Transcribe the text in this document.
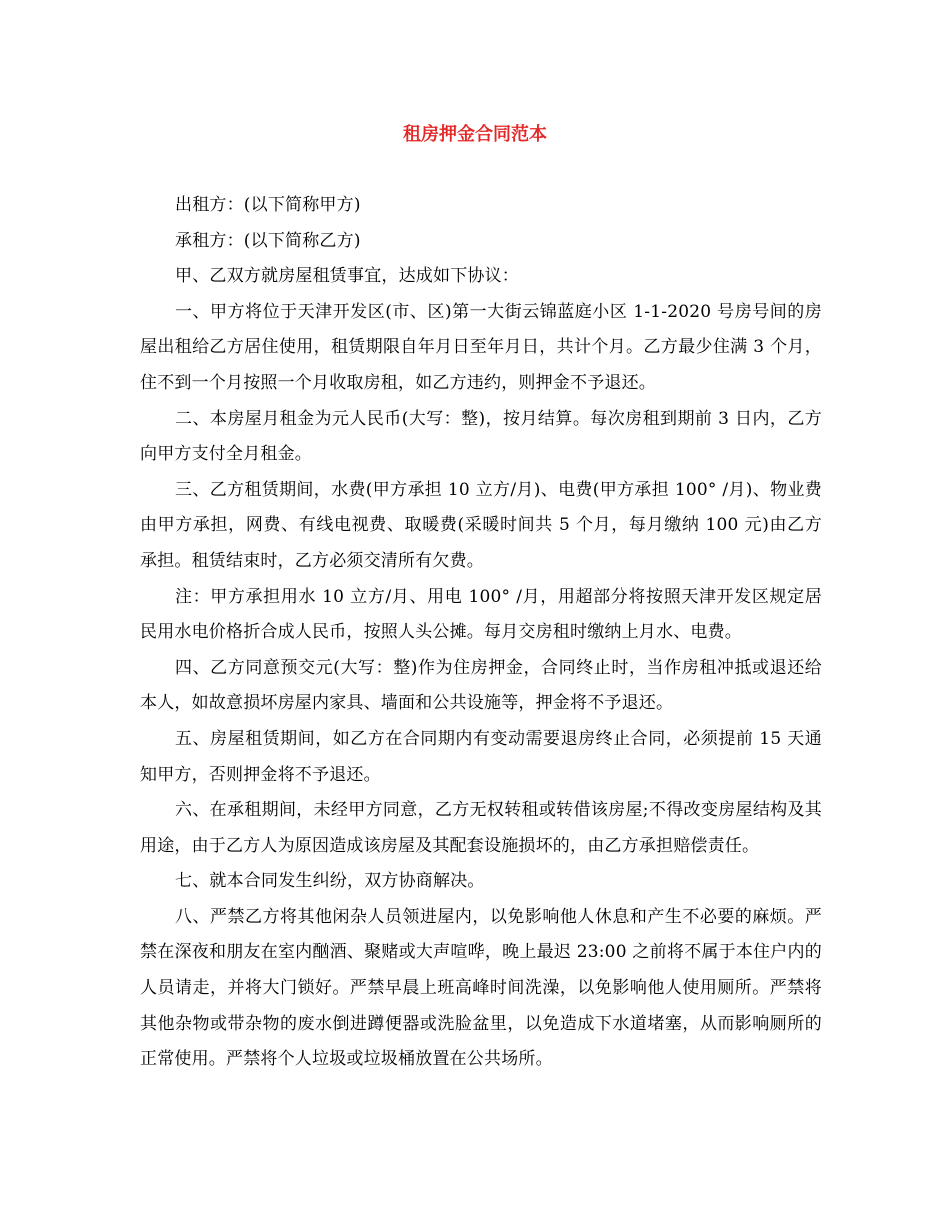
租房押金合同范本

出租方：(以下简称甲方)

承租方：(以下简称乙方)

甲、乙双方就房屋租赁事宜，达成如下协议：

一、甲方将位于天津开发区(市、区)第一大街云锦蓝庭小区 1-1-2020 号房号间的房屋出租给乙方居住使用，租赁期限自年月日至年月日，共计个月。乙方最少住满 3 个月，住不到一个月按照一个月收取房租，如乙方违约，则押金不予退还。

二、本房屋月租金为元人民币(大写：整)，按月结算。每次房租到期前 3 日内，乙方向甲方支付全月租金。

三、乙方租赁期间，水费(甲方承担 10 立方/月)、电费(甲方承担 100° /月)、物业费由甲方承担，网费、有线电视费、取暖费(采暖时间共 5 个月，每月缴纳 100 元)由乙方承担。租赁结束时，乙方必须交清所有欠费。

注：甲方承担用水 10 立方/月、用电 100° /月，用超部分将按照天津开发区规定居民用水电价格折合成人民币，按照人头公摊。每月交房租时缴纳上月水、电费。

四、乙方同意预交元(大写：整)作为住房押金，合同终止时，当作房租冲抵或退还给本人，如故意损坏房屋内家具、墙面和公共设施等，押金将不予退还。

五、房屋租赁期间，如乙方在合同期内有变动需要退房终止合同，必须提前 15 天通知甲方，否则押金将不予退还。

六、在承租期间，未经甲方同意，乙方无权转租或转借该房屋;不得改变房屋结构及其用途，由于乙方人为原因造成该房屋及其配套设施损坏的，由乙方承担赔偿责任。

七、就本合同发生纠纷，双方协商解决。

八、严禁乙方将其他闲杂人员领进屋内，以免影响他人休息和产生不必要的麻烦。严禁在深夜和朋友在室内酗酒、聚赌或大声喧哗，晚上最迟 23:00 之前将不属于本住户内的人员请走，并将大门锁好。严禁早晨上班高峰时间洗澡，以免影响他人使用厕所。严禁将其他杂物或带杂物的废水倒进蹲便器或洗脸盆里，以免造成下水道堵塞，从而影响厕所的正常使用。严禁将个人垃圾或垃圾桶放置在公共场所。
